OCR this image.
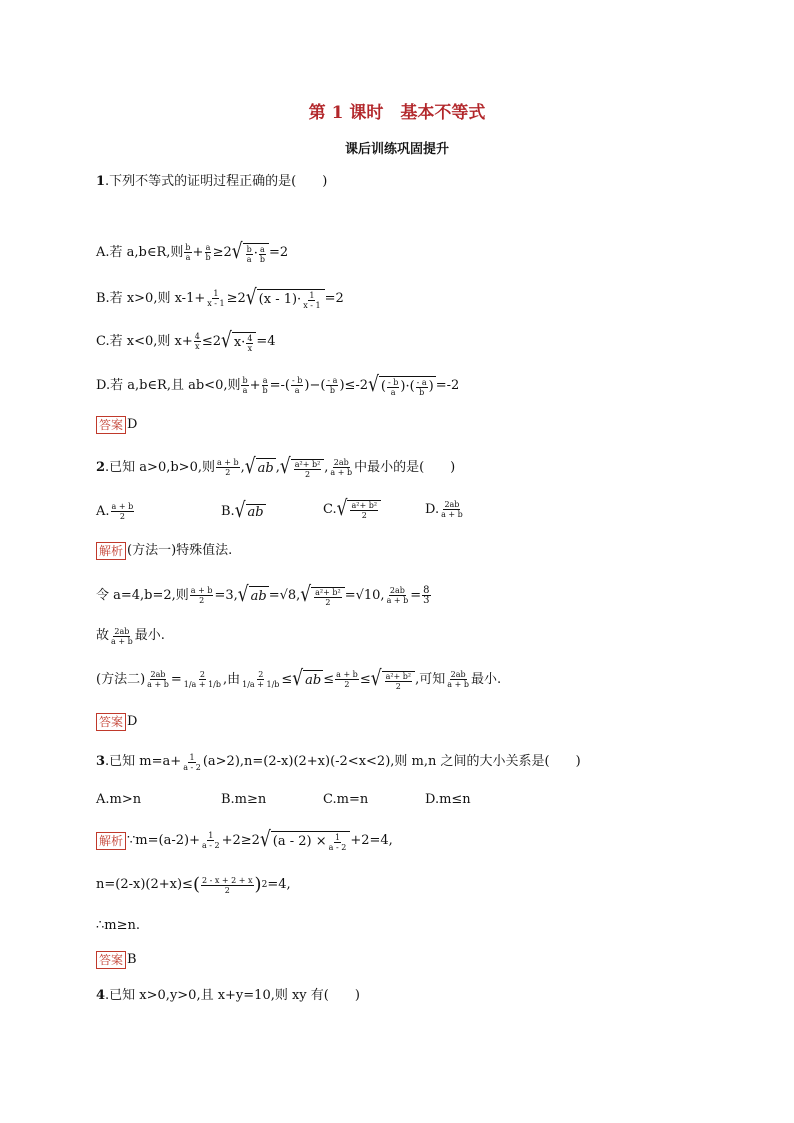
第 1 课时　基本不等式
课后训练巩固提升
1 .下列不等式的证明过程正确的是(　　)
A.若 a,b∈R,则 $\frac{b}{a} + \frac{a}{b} \ge 2$ √ $\frac{b}{a} \cdot \frac{a}{b} =2$
B.若 x>0,则 $x-1+ \frac{1}{x - 1} \ge 2$ √ $(x - 1)\cdot \frac{1}{x - 1} =2$
C.若 x<0,则 $x+ \frac{4}{x} \le 2$ √ $x\cdot \frac{4}{x} =4$
D.若 a,b∈R,且 ab<0,则 $\frac{b}{a} + \frac{a}{b}$ =-( $\frac{- b}{a}$ )−( $\frac{- a}{b} )\le-2$ √ ( $\frac{- b}{a}$ )·( $\frac{- a}{b}$ ) =-2
答案 D
2 .已知 a>0,b>0,则 $\frac{a + b}{2}$ , √ ab , √ $\frac{\text{a²+ b²}}{2}$ , $\frac{2ab}{a + b}$ 中最小的是(　　)
A. $\frac{a + b}{2}$	B. √ ab	C. √ $\frac{\text{a²+ b²}}{2}$	D. $\frac{2ab}{a + b}$
解析 (方法一)特殊值法.
令 a=4,b=2,则 $\frac{a + b}{2} =3$, √ ab =√8, √ $\frac{\text{a²+ b²}}{2} =√10$, $\frac{2ab}{a + b} = \frac{8}{3}$
故 $\frac{2ab}{a + b}$ 最小.
(方法二) $\frac{2ab}{a + b} = \frac{2}{1/a + 1/b}$ ,由 $\frac{2}{1/a + 1/b}$ ≤ √ ab ≤ $\frac{a + b}{2}$ ≤ √ $\frac{\text{a²+ b²}}{2}$ ,可知 $\frac{2ab}{a + b}$ 最小.
答案 D
3 .已知 $m=a+ \frac{1}{a - 2} (a>2),n=(2-x)(2+x)(-2<x<2)$,则 m,n 之间的大小关系是(　　)
A.m>n	B.m≥n	C.m=n	D.m≤n
解析 ∵m=(a-2)+ $\frac{1}{a - 2} +2\ge 2$ √ $(a - 2) \times \frac{1}{a - 2} +2=4$,
n=(2-x)(2+x)≤ ( $\frac{2 - x + 2 + x}{2}$ ) 2 =4,
∴m≥n.
答案 B
4 .已知 x>0,y>0,且 x+y=10,则 xy 有(　　)
